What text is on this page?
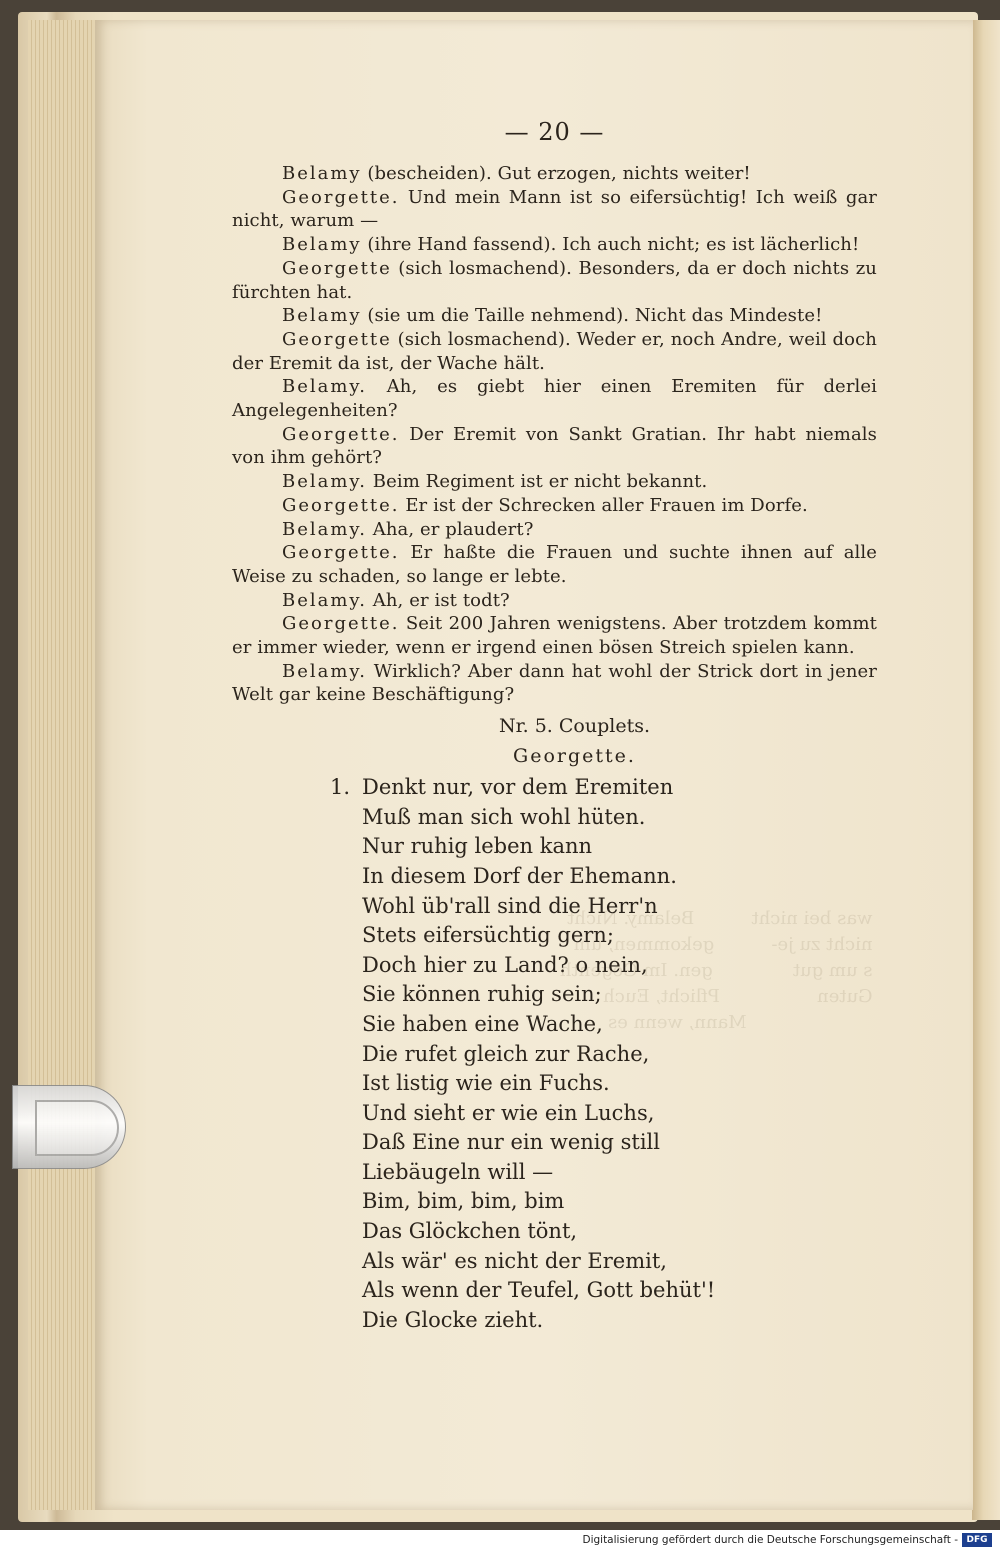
was bei nicht          Belamy. Nicht
nicht zu je-          gekommen, um
s um gut              gen. Im Gegenth
Guten                 Pflicht, Euch
Mann, wenn es

— 20 —

Belamy (bescheiden). Gut erzogen, nichts weiter!

Georgette. Und mein Mann ist so eifersüchtig! Ich weiß gar nicht, warum —

Belamy (ihre Hand fassend). Ich auch nicht; es ist lächerlich!

Georgette (sich losmachend). Besonders, da er doch nichts zu fürchten hat.

Belamy (sie um die Taille nehmend). Nicht das Mindeste!

Georgette (sich losmachend). Weder er, noch Andre, weil doch der Eremit da ist, der Wache hält.

Belamy. Ah, es giebt hier einen Eremiten für derlei Angelegenheiten?

Georgette. Der Eremit von Sankt Gratian. Ihr habt niemals von ihm gehört?

Belamy. Beim Regiment ist er nicht bekannt.

Georgette. Er ist der Schrecken aller Frauen im Dorfe.

Belamy. Aha, er plaudert?

Georgette. Er haßte die Frauen und suchte ihnen auf alle Weise zu schaden, so lange er lebte.

Belamy. Ah, er ist todt?

Georgette. Seit 200 Jahren wenigstens. Aber trotzdem kommt er immer wieder, wenn er irgend einen bösen Streich spielen kann.

Belamy. Wirklich? Aber dann hat wohl der Strick dort in jener Welt gar keine Beschäftigung?

Nr. 5. Couplets.
Georgette.
1. Denkt nur, vor dem Eremiten
Muß man sich wohl hüten.
Nur ruhig leben kann
In diesem Dorf der Ehemann.
Wohl üb'rall sind die Herr'n
Stets eifersüchtig gern;
Doch hier zu Land? o nein,
Sie können ruhig sein;
Sie haben eine Wache,
Die rufet gleich zur Rache,
Ist listig wie ein Fuchs.
Und sieht er wie ein Luchs,
Daß Eine nur ein wenig still
Liebäugeln will —
Bim, bim, bim, bim
Das Glöckchen tönt,
Als wär' es nicht der Eremit,
Als wenn der Teufel, Gott behüt'!
Die Glocke zieht.
Digitalisierung gefördert durch die Deutsche Forschungsgemeinschaft - DFG
